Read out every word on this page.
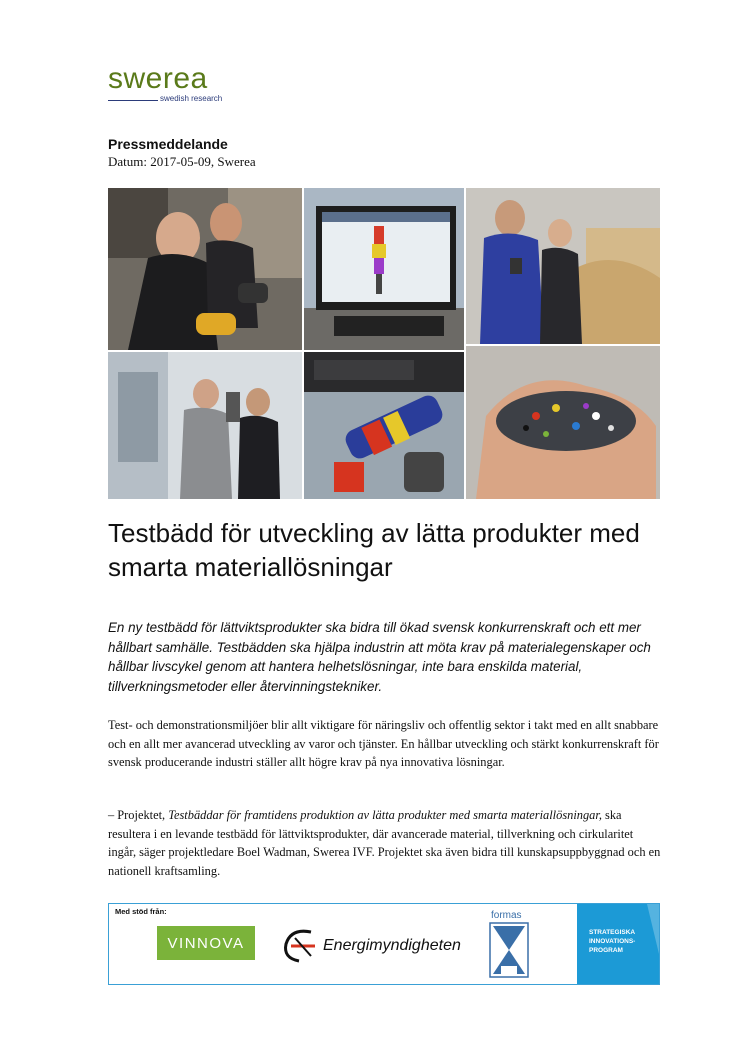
swerea
swedish research
Pressmeddelande
Datum: 2017-05-09, Swerea
Testbädd för utveckling av lätta produkter med smarta materiallösningar
En ny testbädd för lättviktsprodukter ska bidra till ökad svensk konkurrenskraft och ett mer hållbart samhälle. Testbädden ska hjälpa industrin att möta krav på materialegenskaper och hållbar livscykel genom att hantera helhetslösningar, inte bara enskilda material, tillverkningsmetoder eller återvinningstekniker.
Test- och demonstrationsmiljöer blir allt viktigare för näringsliv och offentlig sektor i takt med en allt snabbare och en allt mer avancerad utveckling av varor och tjänster. En hållbar utveckling och stärkt konkurrenskraft för svensk producerande industri ställer allt högre krav på nya innovativa lösningar.
– Projektet, Testbäddar för framtidens produktion av lätta produkter med smarta materiallösningar, ska resultera i en levande testbädd för lättviktsprodukter, där avancerade material, tillverkning och cirkularitet ingår, säger projektledare Boel Wadman, Swerea IVF. Projektet ska även bidra till kunskapsuppbyggnad och en nationell kraftsamling.
Med stöd från:
VINNOVA	Energimyndigheten
formas
STRATEGISKA INNOVATIONS-PROGRAM
